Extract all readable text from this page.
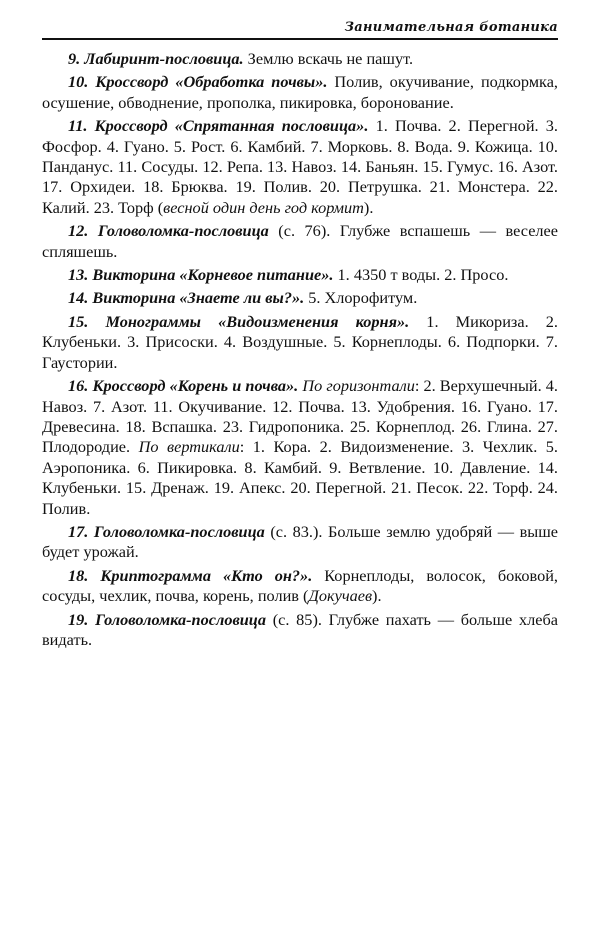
Занимательная ботаника

9. Лабиринт-пословица. Землю вскачь не пашут.

10. Кроссворд «Обработка почвы». Полив, окучивание, подкормка, осушение, обводнение, прополка, пикировка, боронование.

11. Кроссворд «Спрятанная пословица». 1. Почва. 2. Перегной. 3. Фосфор. 4. Гуано. 5. Рост. 6. Камбий. 7. Морковь. 8. Вода. 9. Кожица. 10. Панданус. 11. Сосуды. 12. Репа. 13. Навоз. 14. Баньян. 15. Гумус. 16. Азот. 17. Орхидеи. 18. Брюква. 19. Полив. 20. Петрушка. 21. Монстера. 22. Калий. 23. Торф (весной один день год кормит).

12. Головоломка-пословица (с. 76). Глубже вспашешь — веселее спляшешь.

13. Викторина «Корневое питание». 1. 4350 т воды. 2. Просо.

14. Викторина «Знаете ли вы?». 5. Хлорофитум.

15. Монограммы «Видоизменения корня». 1. Микориза. 2. Клубеньки. 3. Присоски. 4. Воздушные. 5. Корнеплоды. 6. Подпорки. 7. Гаустории.

16. Кроссворд «Корень и почва». По горизонтали: 2. Верхушечный. 4. Навоз. 7. Азот. 11. Окучивание. 12. Почва. 13. Удобрения. 16. Гуано. 17. Древесина. 18. Вспашка. 23. Гидропоника. 25. Корнеплод. 26. Глина. 27. Плодородие. По вертикали: 1. Кора. 2. Видоизменение. 3. Чехлик. 5. Аэропоника. 6. Пикировка. 8. Камбий. 9. Ветвление. 10. Давление. 14. Клубеньки. 15. Дренаж. 19. Апекс. 20. Перегной. 21. Песок. 22. Торф. 24. Полив.

17. Головоломка-пословица (с. 83.). Больше землю удобряй — выше будет урожай.

18. Криптограмма «Кто он?». Корнеплоды, волосок, боковой, сосуды, чехлик, почва, корень, полив (Докучаев).

19. Головоломка-пословица (с. 85). Глубже пахать — больше хлеба видать.
